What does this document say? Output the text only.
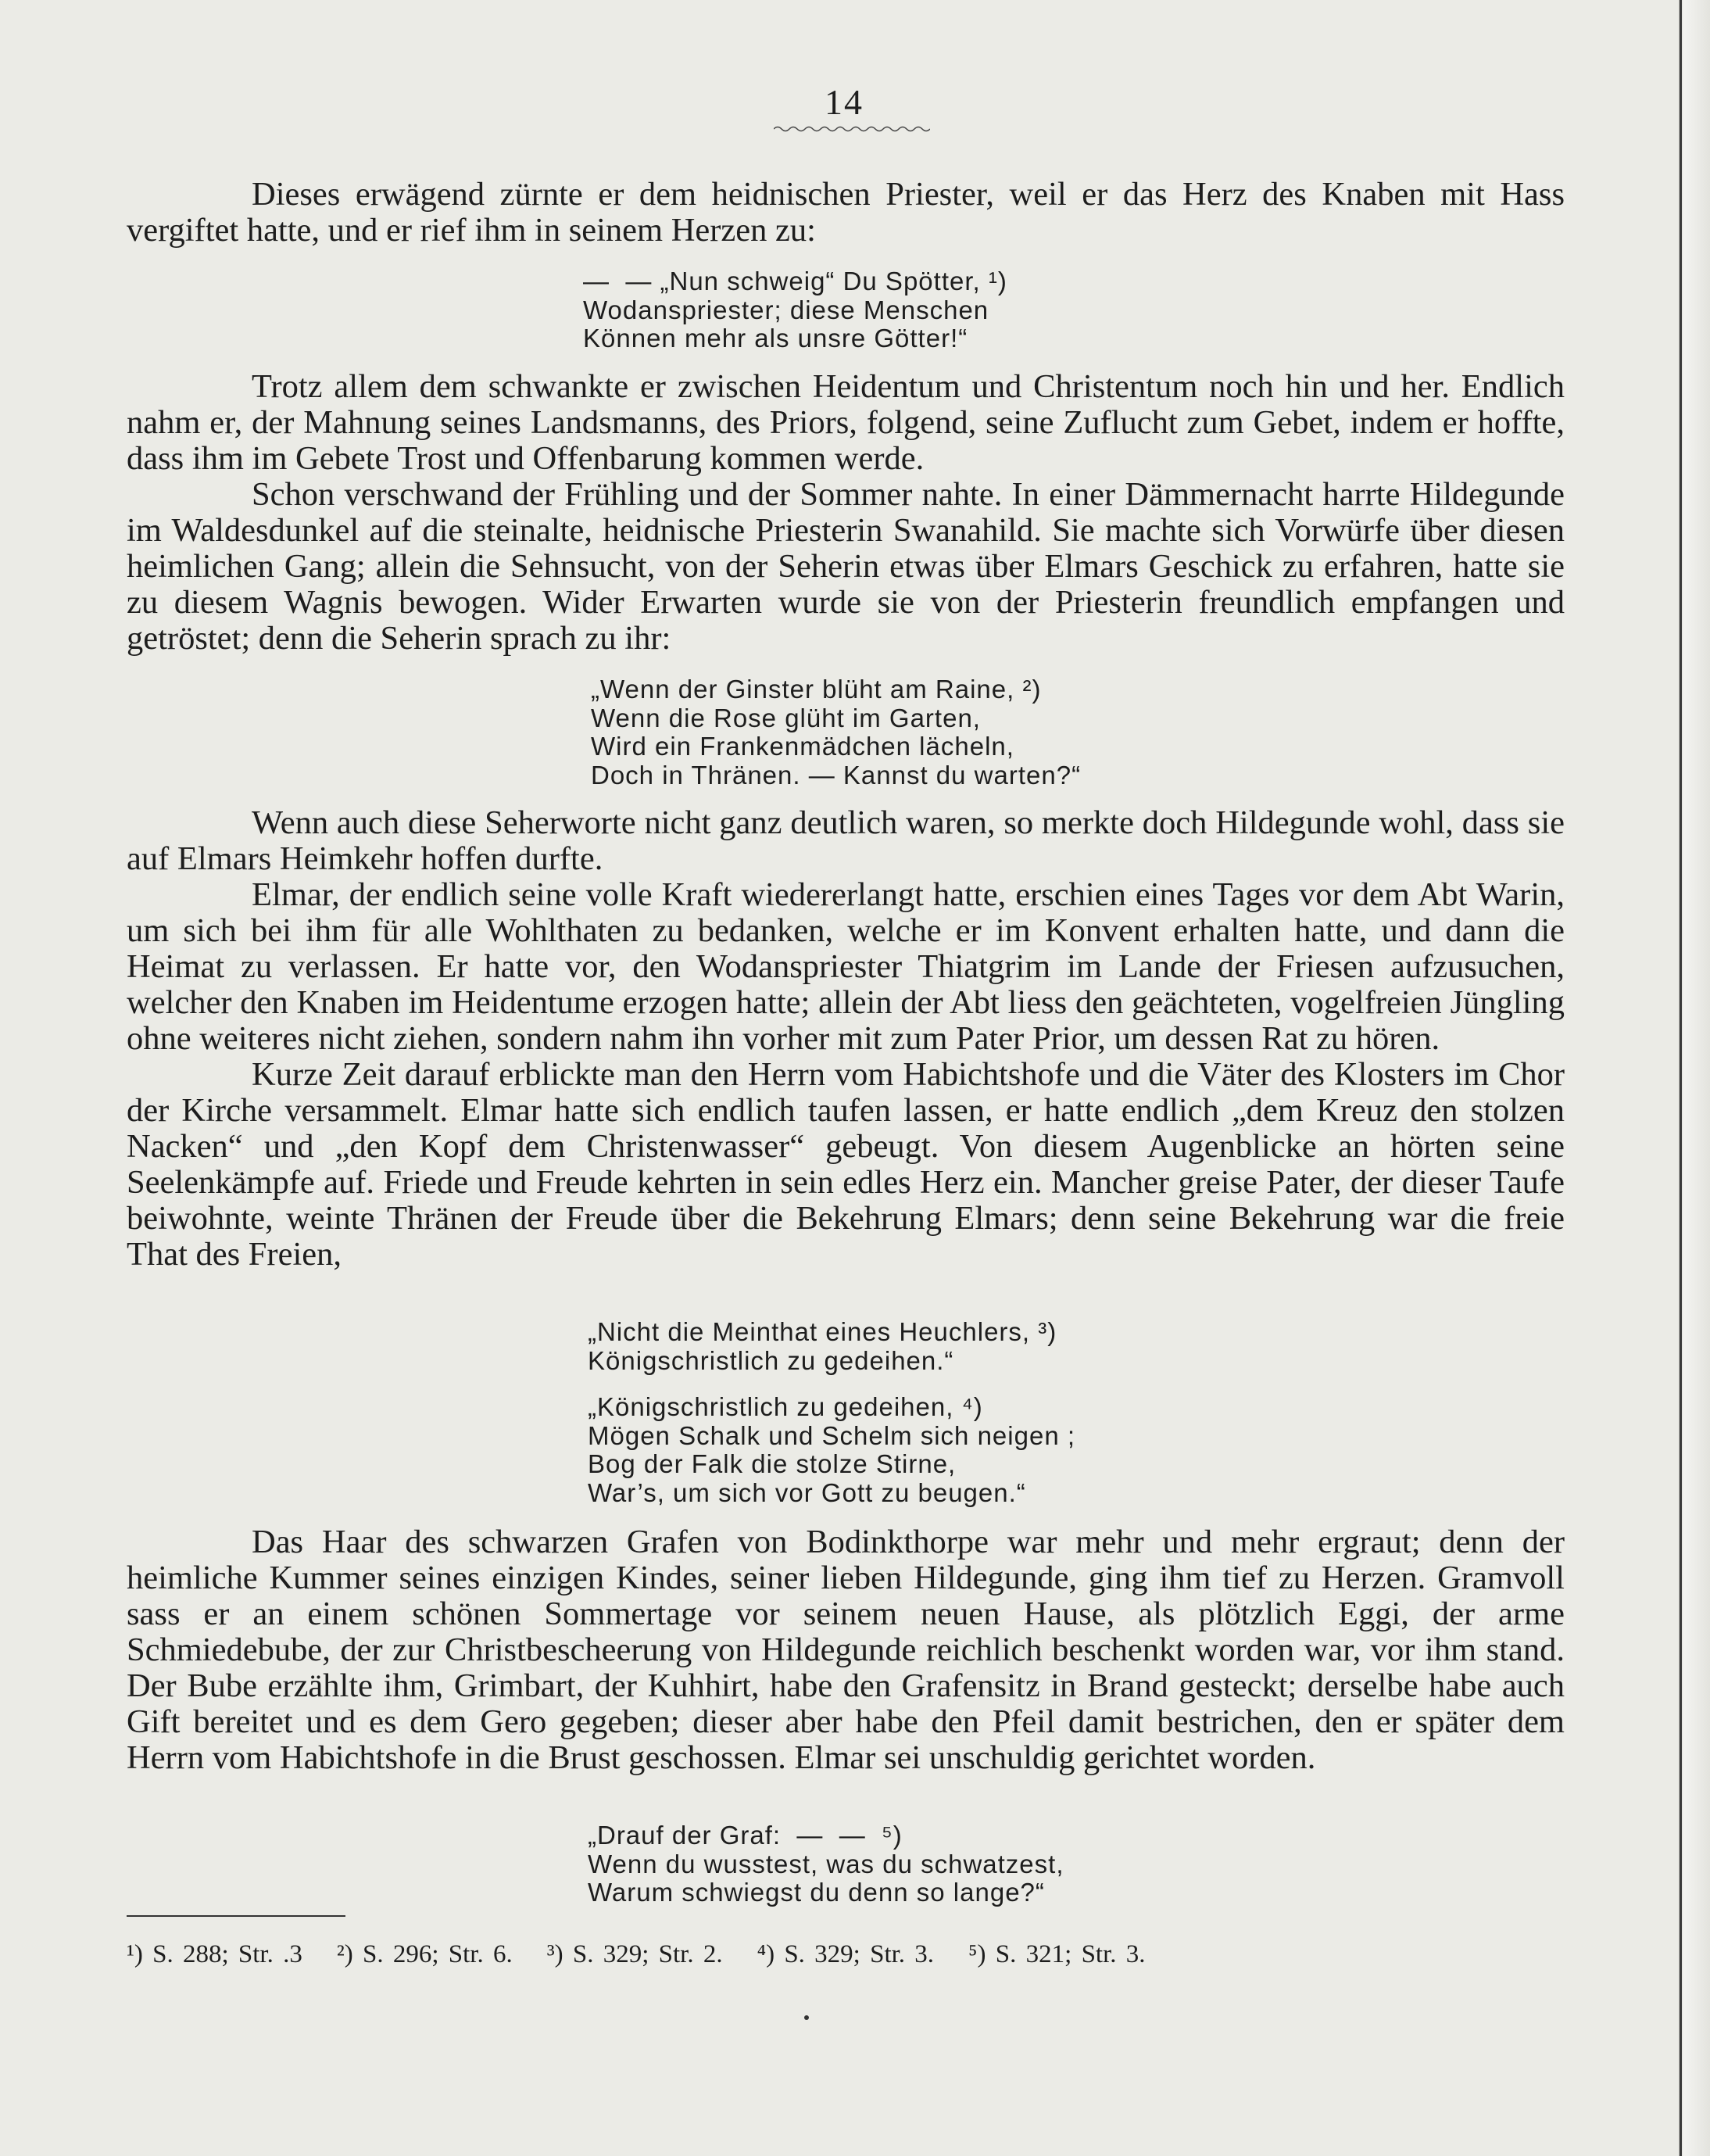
14

Dieses erwägend zürnte er dem heidnischen Priester, weil er das Herz des Knaben mit Hass vergiftet hatte, und er rief ihm in seinem Herzen zu:

—  — „Nun schweig“ Du Spötter, ¹)
Wodanspriester; diese Menschen
Können mehr als unsre Götter!“

Trotz allem dem schwankte er zwischen Heidentum und Christentum noch hin und her. Endlich nahm er, der Mahnung seines Landsmanns, des Priors, folgend, seine Zuflucht zum Gebet, indem er hoffte, dass ihm im Gebete Trost und Offenbarung kommen werde.

Schon verschwand der Frühling und der Sommer nahte. In einer Dämmernacht harrte Hildegunde im Waldesdunkel auf die steinalte, heidnische Priesterin Swanahild. Sie machte sich Vorwürfe über diesen heimlichen Gang; allein die Sehnsucht, von der Seherin etwas über Elmars Geschick zu erfahren, hatte sie zu diesem Wagnis bewogen. Wider Erwarten wurde sie von der Priesterin freundlich empfangen und getröstet; denn die Seherin sprach zu ihr:

„Wenn der Ginster blüht am Raine, ²)
Wenn die Rose glüht im Garten,
Wird ein Frankenmädchen lächeln,
Doch in Thränen. — Kannst du warten?“

Wenn auch diese Seherworte nicht ganz deutlich waren, so merkte doch Hildegunde wohl, dass sie auf Elmars Heimkehr hoffen durfte.

Elmar, der endlich seine volle Kraft wiedererlangt hatte, erschien eines Tages vor dem Abt Warin, um sich bei ihm für alle Wohlthaten zu bedanken, welche er im Konvent erhalten hatte, und dann die Heimat zu verlassen. Er hatte vor, den Wodanspriester Thiatgrim im Lande der Friesen aufzusuchen, welcher den Knaben im Heidentume erzogen hatte; allein der Abt liess den geächteten, vogelfreien Jüngling ohne weiteres nicht ziehen, sondern nahm ihn vorher mit zum Pater Prior, um dessen Rat zu hören.

Kurze Zeit darauf erblickte man den Herrn vom Habichtshofe und die Väter des Klosters im Chor der Kirche versammelt. Elmar hatte sich endlich taufen lassen, er hatte endlich „dem Kreuz den stolzen Nacken“ und „den Kopf dem Christenwasser“ gebeugt. Von diesem Augenblicke an hörten seine Seelenkämpfe auf. Friede und Freude kehrten in sein edles Herz ein. Mancher greise Pater, der dieser Taufe beiwohnte, weinte Thränen der Freude über die Bekehrung Elmars; denn seine Bekehrung war die freie That des Freien,

„Nicht die Meinthat eines Heuchlers, ³)
Königschristlich zu gedeihen.“
„Königschristlich zu gedeihen, ⁴)
Mögen Schalk und Schelm sich neigen ;
Bog der Falk die stolze Stirne,
War’s, um sich vor Gott zu beugen.“

Das Haar des schwarzen Grafen von Bodinkthorpe war mehr und mehr ergraut; denn der heimliche Kummer seines einzigen Kindes, seiner lieben Hildegunde, ging ihm tief zu Herzen. Gramvoll sass er an einem schönen Sommertage vor seinem neuen Hause, als plötzlich Eggi, der arme Schmiedebube, der zur Christbescheerung von Hildegunde reichlich beschenkt worden war, vor ihm stand. Der Bube erzählte ihm, Grimbart, der Kuhhirt, habe den Grafensitz in Brand gesteckt; derselbe habe auch Gift bereitet und es dem Gero gegeben; dieser aber habe den Pfeil damit bestrichen, den er später dem Herrn vom Habichtshofe in die Brust geschossen. Elmar sei unschuldig gerichtet worden.

„Drauf der Graf:  —  —  ⁵)
Wenn du wusstest, was du schwatzest,
Warum schwiegst du denn so lange?“
¹) S. 288; Str. .3 ²) S. 296; Str. 6. ³) S. 329; Str. 2. ⁴) S. 329; Str. 3. ⁵) S. 321; Str. 3.
